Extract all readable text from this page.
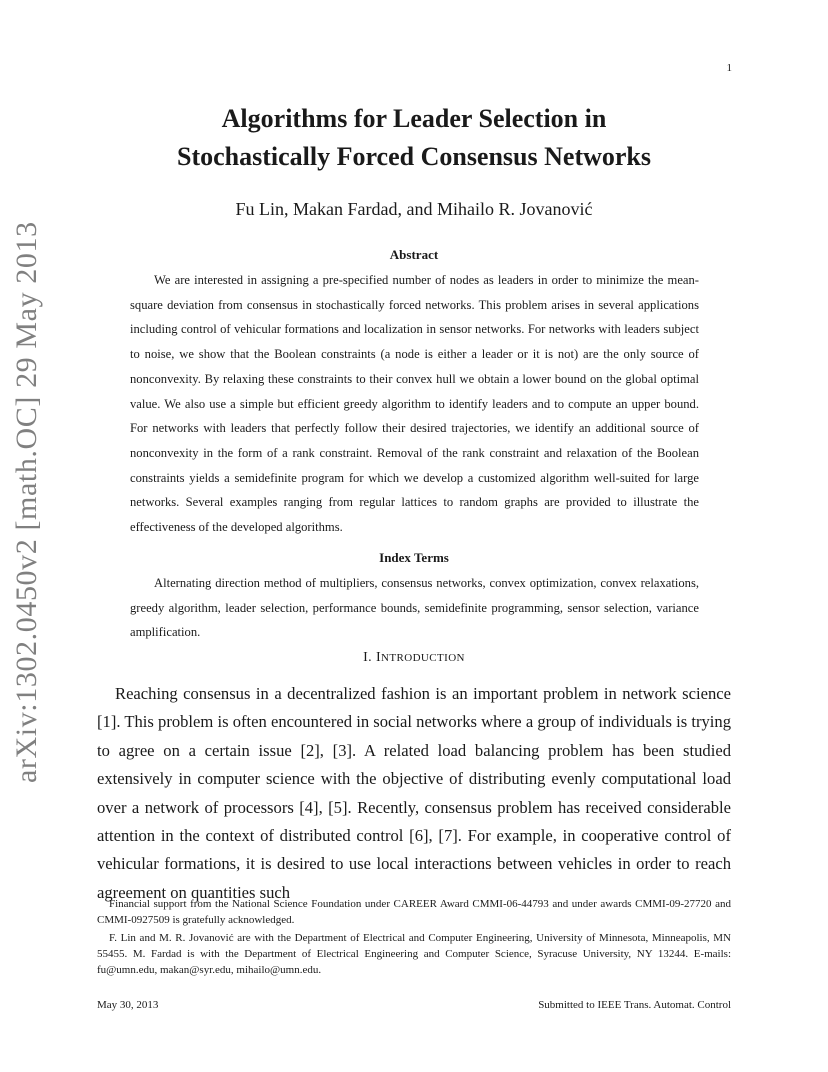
1
arXiv:1302.0450v2 [math.OC] 29 May 2013
Algorithms for Leader Selection in
Stochastically Forced Consensus Networks
Fu Lin, Makan Fardad, and Mihailo R. Jovanović
Abstract

We are interested in assigning a pre-specified number of nodes as leaders in order to minimize the mean-square deviation from consensus in stochastically forced networks. This problem arises in several applications including control of vehicular formations and localization in sensor networks. For networks with leaders subject to noise, we show that the Boolean constraints (a node is either a leader or it is not) are the only source of nonconvexity. By relaxing these constraints to their convex hull we obtain a lower bound on the global optimal value. We also use a simple but efficient greedy algorithm to identify leaders and to compute an upper bound. For networks with leaders that perfectly follow their desired trajectories, we identify an additional source of nonconvexity in the form of a rank constraint. Removal of the rank constraint and relaxation of the Boolean constraints yields a semidefinite program for which we develop a customized algorithm well-suited for large networks. Several examples ranging from regular lattices to random graphs are provided to illustrate the effectiveness of the developed algorithms.

Index Terms

Alternating direction method of multipliers, consensus networks, convex optimization, convex relaxations, greedy algorithm, leader selection, performance bounds, semidefinite programming, sensor selection, variance amplification.

I. INTRODUCTION

Reaching consensus in a decentralized fashion is an important problem in network science [1]. This problem is often encountered in social networks where a group of individuals is trying to agree on a certain issue [2], [3]. A related load balancing problem has been studied extensively in computer science with the objective of distributing evenly computational load over a network of processors [4], [5]. Recently, consensus problem has received considerable attention in the context of distributed control [6], [7]. For example, in cooperative control of vehicular formations, it is desired to use local interactions between vehicles in order to reach agreement on quantities such

Financial support from the National Science Foundation under CAREER Award CMMI-06-44793 and under awards CMMI-09-27720 and CMMI-0927509 is gratefully acknowledged.

F. Lin and M. R. Jovanović are with the Department of Electrical and Computer Engineering, University of Minnesota, Minneapolis, MN 55455. M. Fardad is with the Department of Electrical Engineering and Computer Science, Syracuse University, NY 13244. E-mails: fu@umn.edu, makan@syr.edu, mihailo@umn.edu.

May 30, 2013	Submitted to IEEE Trans. Automat. Control
